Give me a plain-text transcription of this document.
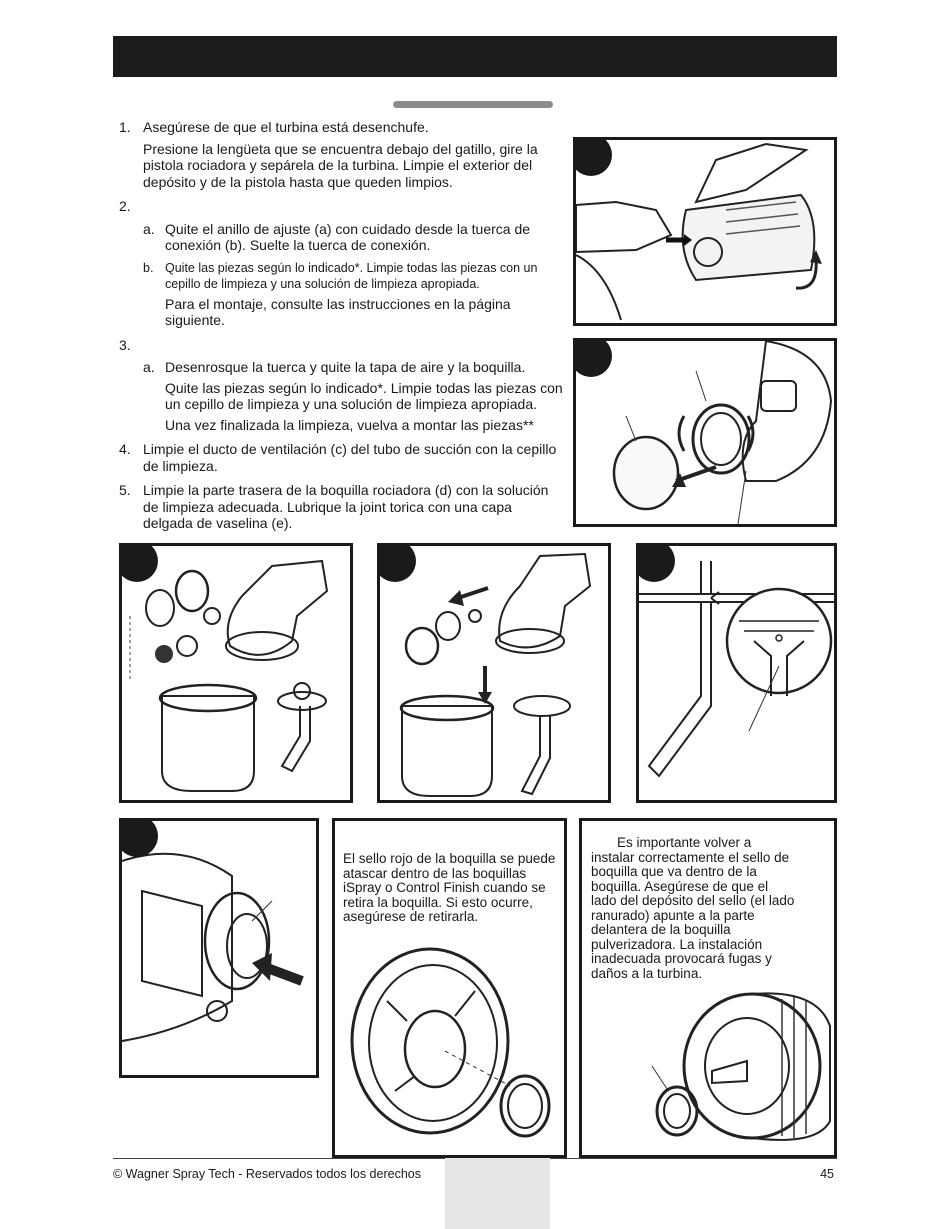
1. Asegúrese de que el turbina está desenchufe.

Presione la lengüeta que se encuentra debajo del gatillo, gire la pistola rociadora y sepárela de la turbina. Limpie el exterior del depósito y de la pistola hasta que queden limpios.

2.

a. Quite el anillo de ajuste (a) con cuidado desde la tuerca de conexión (b). Suelte la tuerca de conexión.

b. Quite las piezas según lo indicado*. Limpie todas las piezas con un cepillo de limpieza y una solución de limpieza apropiada.

Para el montaje, consulte las instrucciones en la página siguiente.

3.

a. Desenrosque la tuerca y quite la tapa de aire y la boquilla.

Quite las piezas según lo indicado*. Limpie todas las piezas con un cepillo de limpieza y una solución de limpieza apropiada.

Una vez finalizada la limpieza, vuelva a montar las piezas**

4. Limpie el ducto de ventilación (c) del tubo de succión con la cepillo de limpieza.

5. Limpie la parte trasera de la boquilla rociadora (d) con la solución de limpieza adecuada. Lubrique la joint torica con una capa delgada de vaselina (e).

El sello rojo de la boquilla se puede atascar dentro de las boquillas iSpray o Control Finish cuando se retira la boquilla. Si esto ocurre, asegúrese de retirarla.
Es importante volver a instalar correctamente el sello de boquilla que va dentro de la boquilla. Asegúrese de que el lado del depósito del sello (el lado ranurado) apunte a la parte delantera de la boquilla pulverizadora. La instalación inadecuada provocará fugas y daños a la turbina.
© Wagner Spray Tech - Reservados todos los derechos	45
